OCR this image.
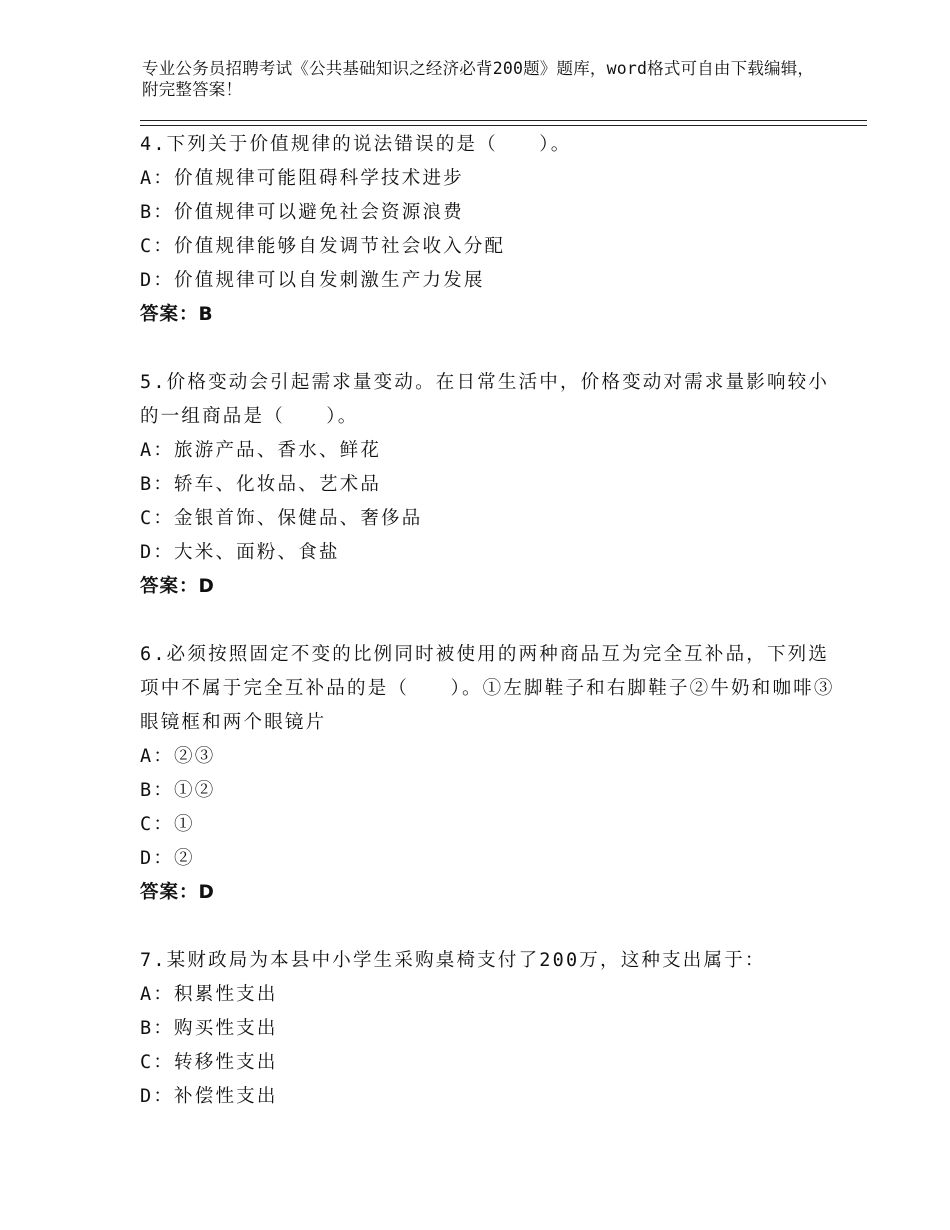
专业公务员招聘考试《公共基础知识之经济必背200题》题库，word格式可自由下载编辑，附完整答案！

4.下列关于价值规律的说法错误的是（　　）。

A：价值规律可能阻碍科学技术进步

B：价值规律可以避免社会资源浪费

C：价值规律能够自发调节社会收入分配

D：价值规律可以自发刺激生产力发展

答案：B

5.价格变动会引起需求量变动。在日常生活中，价格变动对需求量影响较小的一组商品是（　　）。

A：旅游产品、香水、鲜花

B：轿车、化妆品、艺术品

C：金银首饰、保健品、奢侈品

D：大米、面粉、食盐

答案：D

6.必须按照固定不变的比例同时被使用的两种商品互为完全互补品，下列选项中不属于完全互补品的是（　　）。①左脚鞋子和右脚鞋子②牛奶和咖啡③眼镜框和两个眼镜片

A：②③

B：①②

C：①

D：②

答案：D

7.某财政局为本县中小学生采购桌椅支付了200万，这种支出属于：

A：积累性支出

B：购买性支出

C：转移性支出

D：补偿性支出
